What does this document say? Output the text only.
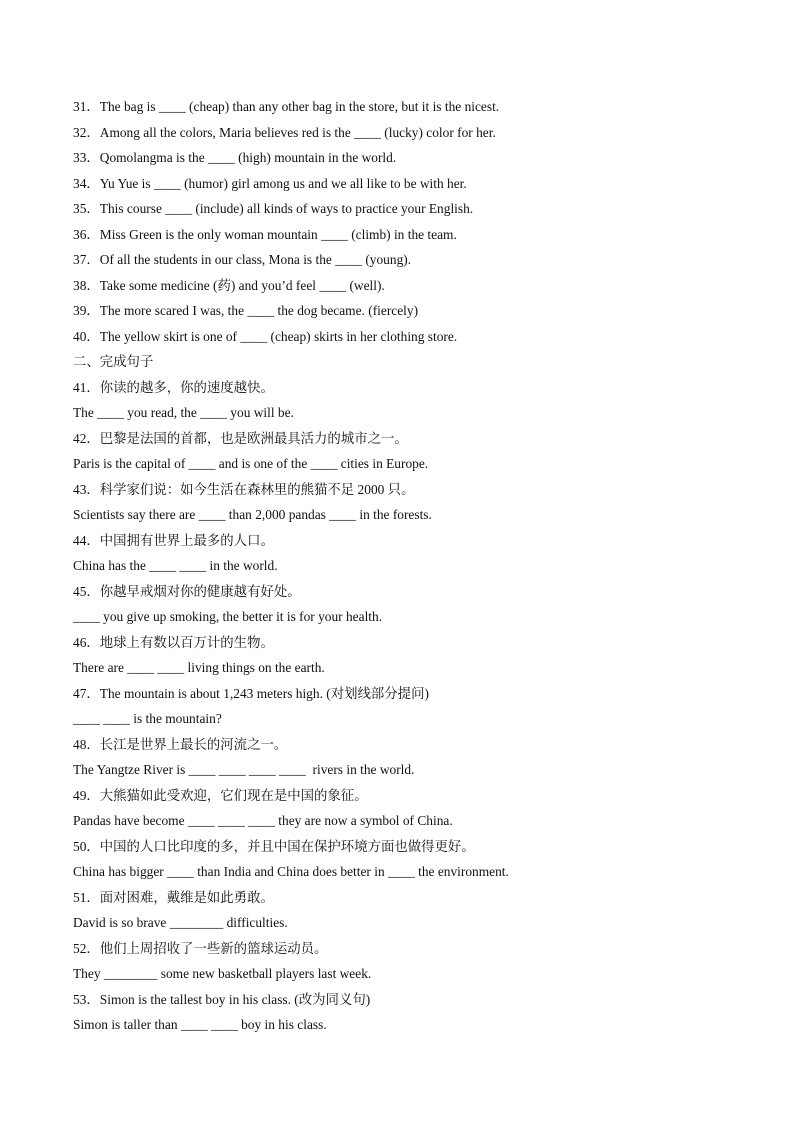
31．The bag is ____ (cheap) than any other bag in the store, but it is the nicest.
32．Among all the colors, Maria believes red is the ____ (lucky) color for her.
33．Qomolangma is the ____ (high) mountain in the world.
34．Yu Yue is ____ (humor) girl among us and we all like to be with her.
35．This course ____ (include) all kinds of ways to practice your English.
36．Miss Green is the only woman mountain ____ (climb) in the team.
37．Of all the students in our class, Mona is the ____ (young).
38．Take some medicine (药) and you’d feel ____ (well).
39．The more scared I was, the ____ the dog became. (fiercely)
40．The yellow skirt is one of ____ (cheap) skirts in her clothing store.
二、完成句子
41．你读的越多，你的速度越快。
The ____ you read, the ____ you will be.
42．巴黎是法国的首都，也是欧洲最具活力的城市之一。
Paris is the capital of ____ and is one of the ____ cities in Europe.
43．科学家们说：如今生活在森林里的熊猫不足 2000 只。
Scientists say there are ____ than 2,000 pandas ____ in the forests.
44．中国拥有世界上最多的人口。
China has the ____ ____ in the world.
45．你越早戒烟对你的健康越有好处。
____ you give up smoking, the better it is for your health.
46．地球上有数以百万计的生物。
There are ____ ____ living things on the earth.
47．The mountain is about 1,243 meters high. (对划线部分提问)
____ ____ is the mountain?
48．长江是世界上最长的河流之一。
The Yangtze River is ____ ____ ____ ____  rivers in the world.
49．大熊猫如此受欢迎，它们现在是中国的象征。
Pandas have become ____ ____ ____ they are now a symbol of China.
50．中国的人口比印度的多，并且中国在保护环境方面也做得更好。
China has bigger ____ than India and China does better in ____ the environment.
51．面对困难，戴维是如此勇敢。
David is so brave ________ difficulties.
52．他们上周招收了一些新的篮球运动员。
They ________ some new basketball players last week.
53．Simon is the tallest boy in his class. (改为同义句)
Simon is taller than ____ ____ boy in his class.
